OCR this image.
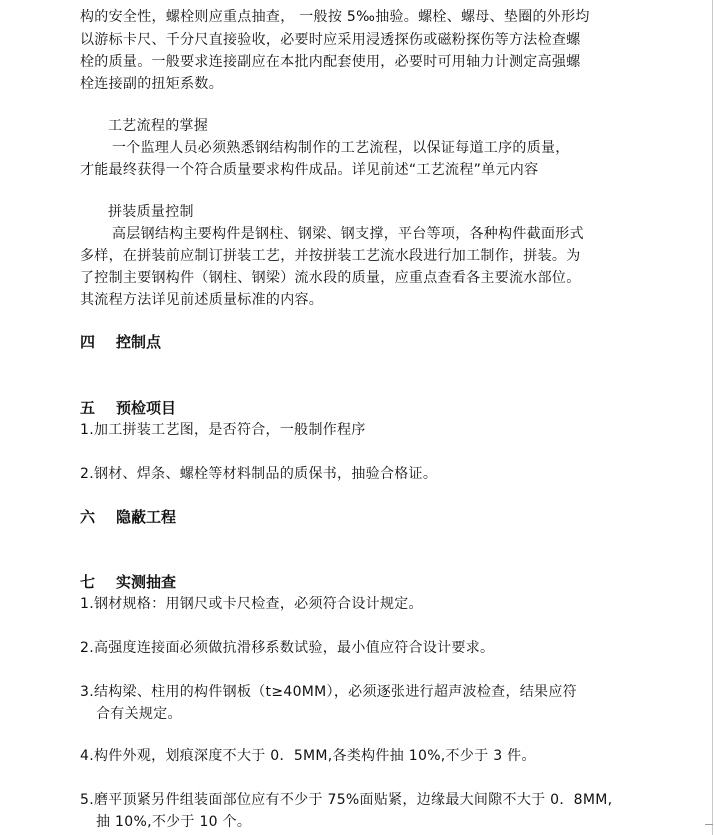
构的安全性，螺栓则应重点抽查， 一般按 5‰抽验。螺栓、螺母、垫圈的外形均
以游标卡尺、千分尺直接验收，必要时应采用浸透探伤或磁粉探伤等方法检查螺
栓的质量。一般要求连接副应在本批内配套使用，必要时可用轴力计测定高强螺
栓连接副的扭矩系数。
工艺流程的掌握
一个监理人员必须熟悉钢结构制作的工艺流程，以保证每道工序的质量，
才能最终获得一个符合质量要求构件成品。详见前述“工艺流程”单元内容
拼装质量控制
高层钢结构主要构件是钢柱、钢梁、钢支撑，平台等项，各种构件截面形式
多样，在拼装前应制订拼装工艺，并按拼装工艺流水段进行加工制作，拼装。为
了控制主要钢构件（钢柱、钢梁）流水段的质量，应重点查看各主要流水部位。
其流程方法详见前述质量标准的内容。
四 控制点
五 预检项目
1.加工拼装工艺图，是否符合，一般制作程序
2.钢材、焊条、螺栓等材料制品的质保书，抽验合格证。
六 隐蔽工程
七 实测抽查
1.钢材规格：用钢尺或卡尺检查，必须符合设计规定。
2.高强度连接面必须做抗滑移系数试验，最小值应符合设计要求。
3.结构梁、柱用的构件钢板（t≥40MM），必须逐张进行超声波检查，结果应符
合有关规定。
4.构件外观，划痕深度不大于 0．5MM,各类构件抽 10%,不少于 3 件。
5.磨平顶紧另件组装面部位应有不少于 75%面贴紧，边缘最大间隙不大于 0．8MM,
抽 10%,不少于 10 个。
